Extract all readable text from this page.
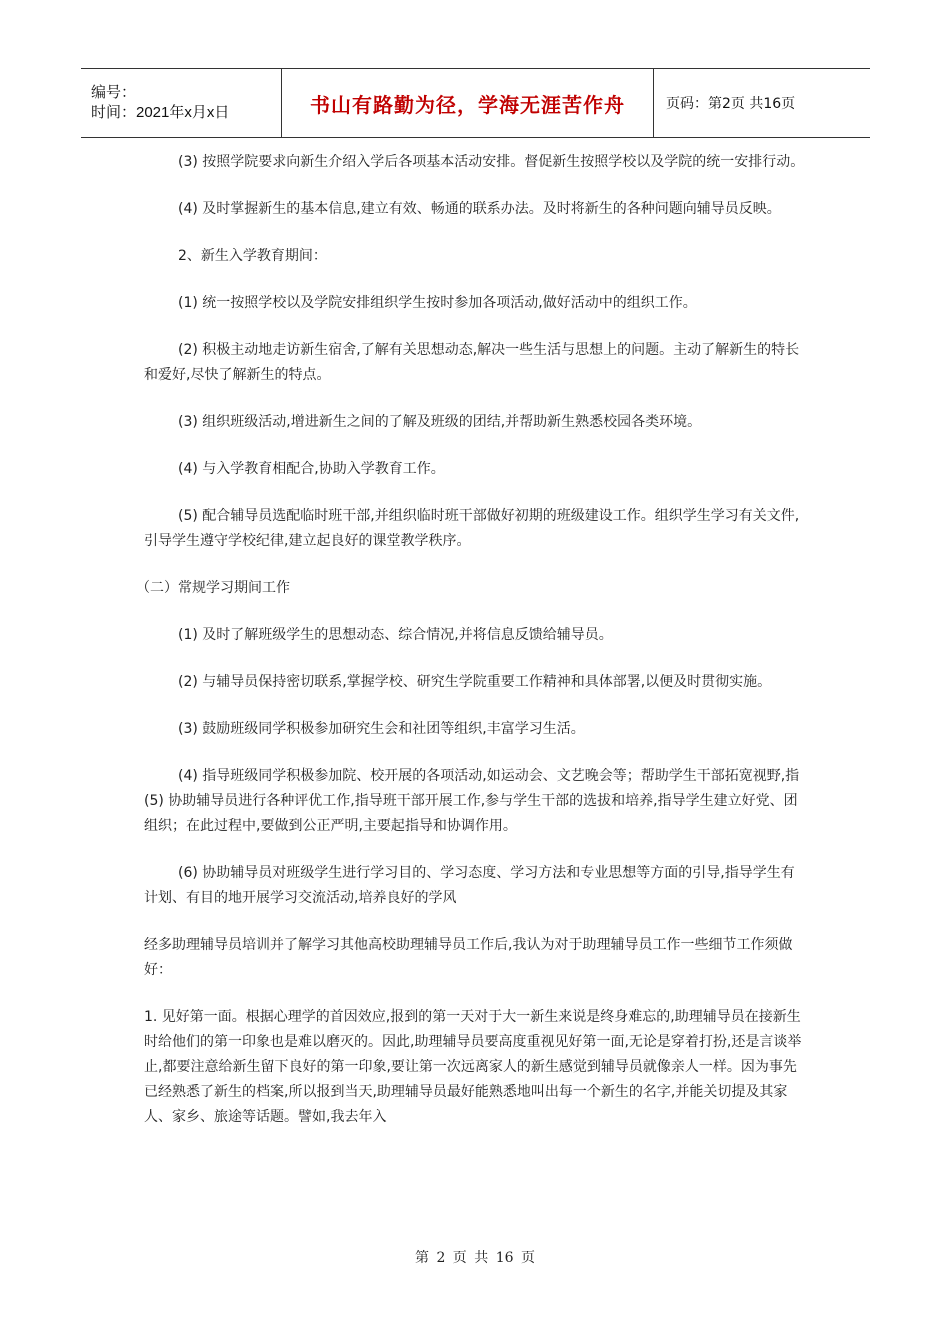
编号：
时间：2021年x月x日	书山有路勤为径，学海无涯苦作舟	页码：第2页 共16页

(3) 按照学院要求向新生介绍入学后各项基本活动安排。督促新生按照学校以及学院的统一安排行动。

(4) 及时掌握新生的基本信息,建立有效、畅通的联系办法。及时将新生的各种问题向辅导员反映。

2、新生入学教育期间：

(1) 统一按照学校以及学院安排组织学生按时参加各项活动,做好活动中的组织工作。

(2) 积极主动地走访新生宿舍,了解有关思想动态,解决一些生活与思想上的问题。主动了解新生的特长和爱好,尽快了解新生的特点。

(3) 组织班级活动,增进新生之间的了解及班级的团结,并帮助新生熟悉校园各类环境。

(4) 与入学教育相配合,协助入学教育工作。

(5) 配合辅导员选配临时班干部,并组织临时班干部做好初期的班级建设工作。组织学生学习有关文件,引导学生遵守学校纪律,建立起良好的课堂教学秩序。

（二）常规学习期间工作

(1) 及时了解班级学生的思想动态、综合情况,并将信息反馈给辅导员。

(2) 与辅导员保持密切联系,掌握学校、研究生学院重要工作精神和具体部署,以便及时贯彻实施。

(3) 鼓励班级同学积极参加研究生会和社团等组织,丰富学习生活。

(4) 指导班级同学积极参加院、校开展的各项活动,如运动会、文艺晚会等；帮助学生干部拓宽视野,指(5) 协助辅导员进行各种评优工作,指导班干部开展工作,参与学生干部的选拔和培养,指导学生建立好党、团组织；在此过程中,要做到公正严明,主要起指导和协调作用。

(6) 协助辅导员对班级学生进行学习目的、学习态度、学习方法和专业思想等方面的引导,指导学生有计划、有目的地开展学习交流活动,培养良好的学风

经多助理辅导员培训并了解学习其他高校助理辅导员工作后,我认为对于助理辅导员工作一些细节工作须做好：

1. 见好第一面。根据心理学的首因效应,报到的第一天对于大一新生来说是终身难忘的,助理辅导员在接新生时给他们的第一印象也是难以磨灭的。因此,助理辅导员要高度重视见好第一面,无论是穿着打扮,还是言谈举止,都要注意给新生留下良好的第一印象,要让第一次远离家人的新生感觉到辅导员就像亲人一样。因为事先已经熟悉了新生的档案,所以报到当天,助理辅导员最好能熟悉地叫出每一个新生的名字,并能关切提及其家人、家乡、旅途等话题。譬如,我去年入

第 2 页 共 16 页
